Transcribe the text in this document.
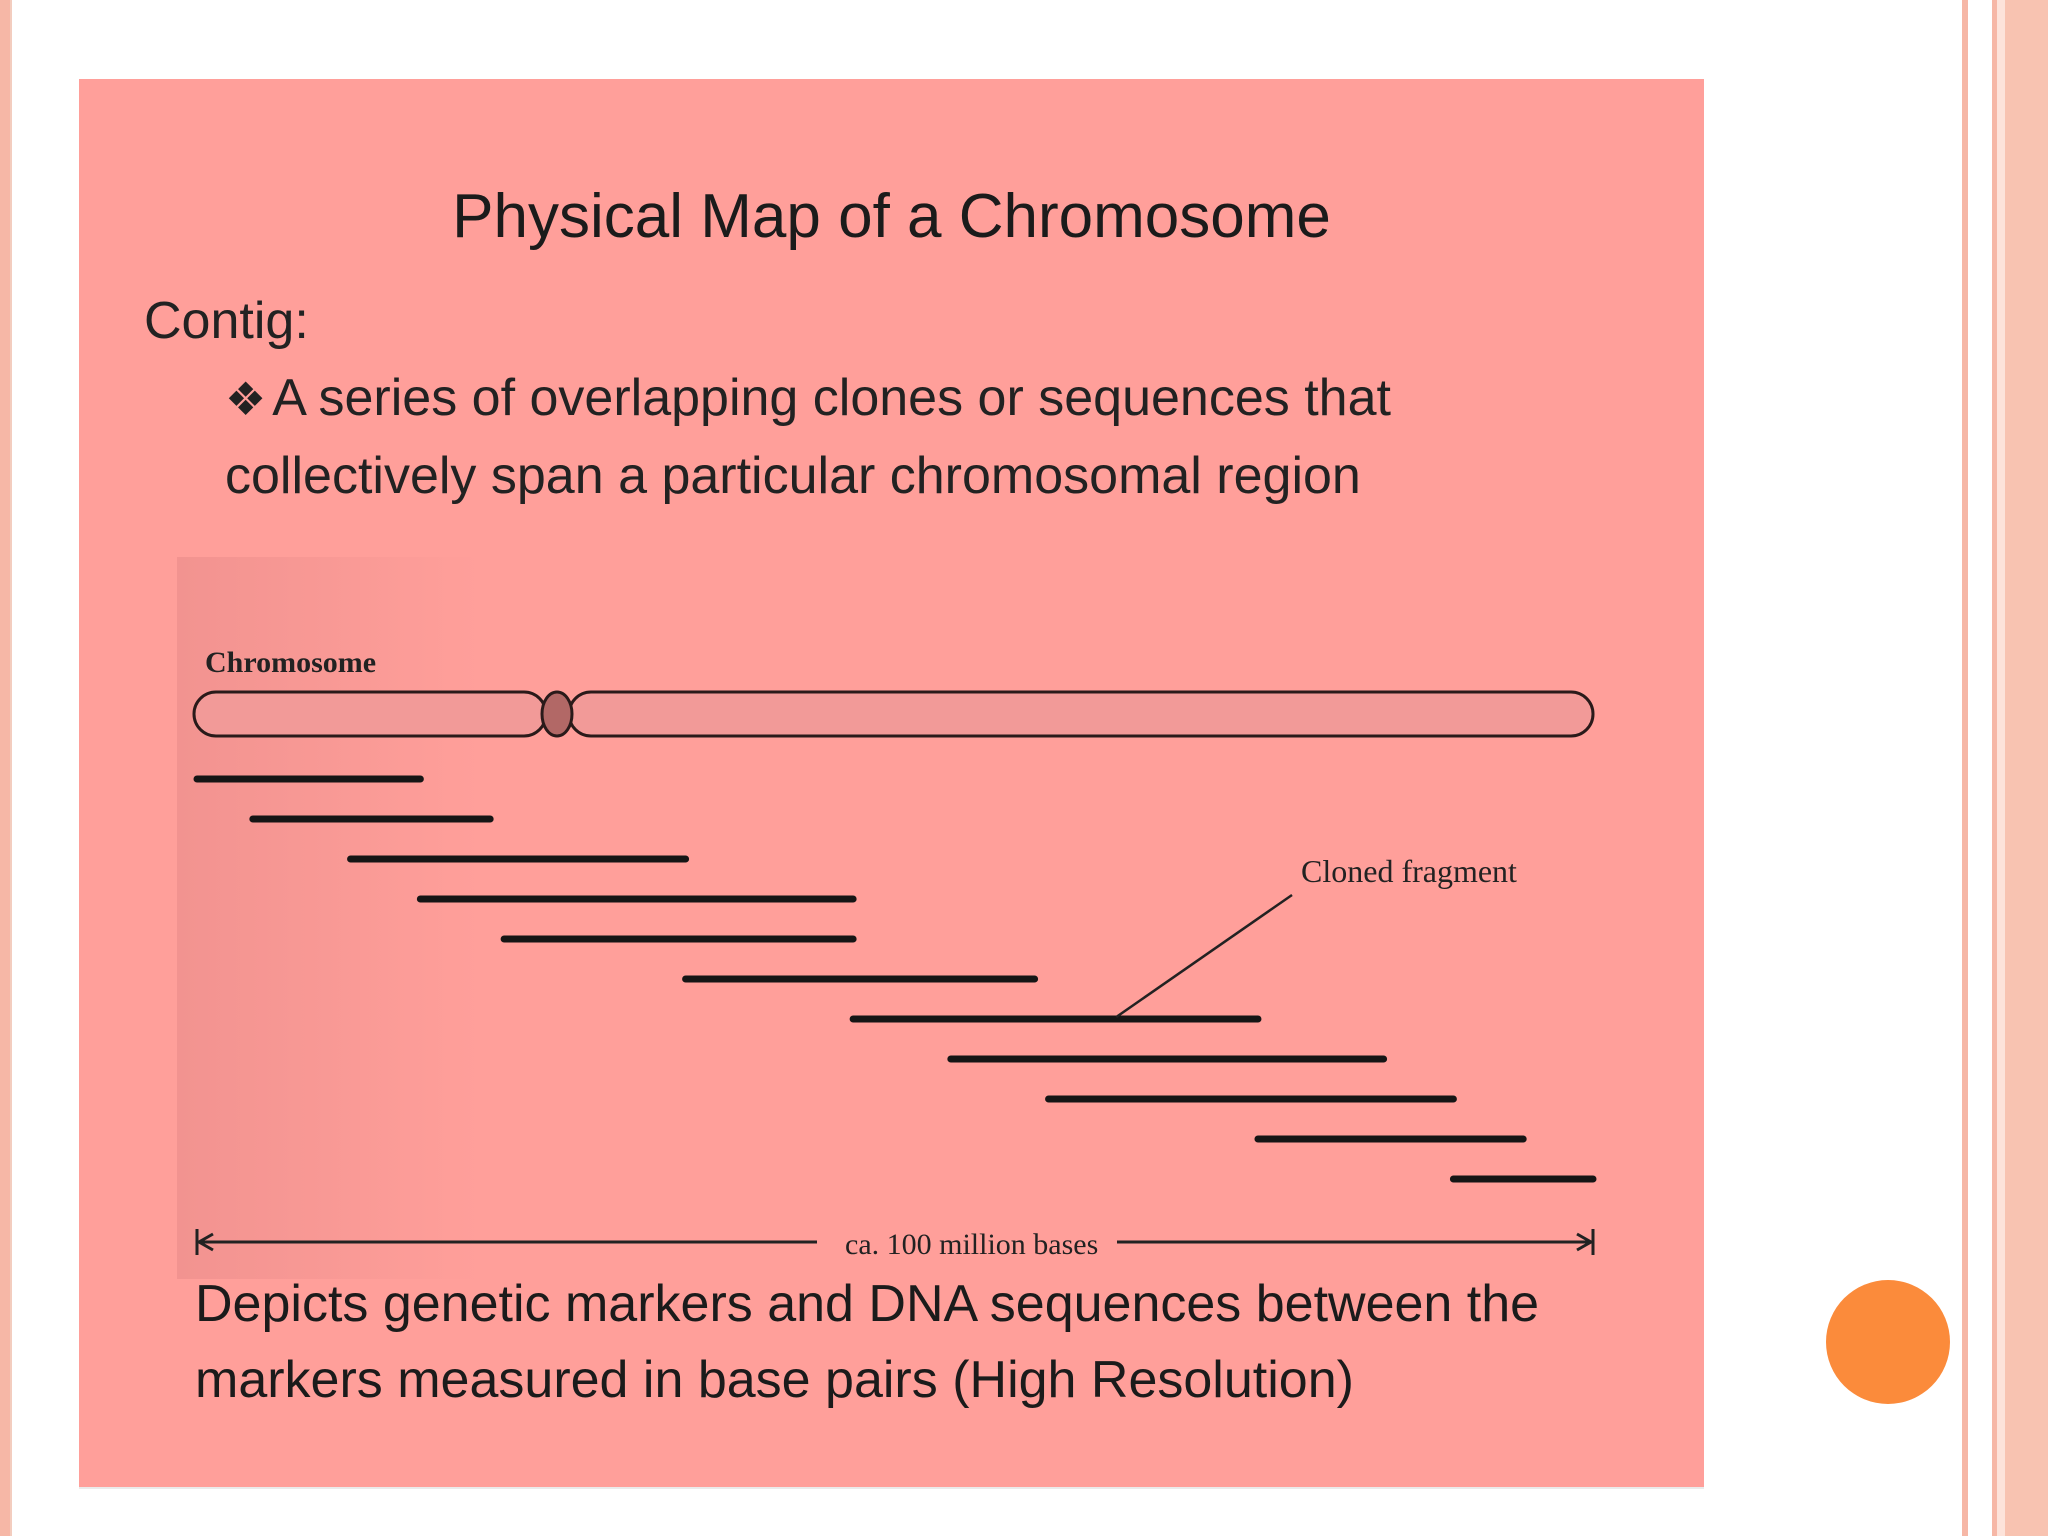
Physical Map of a Chromosome
Contig:
❖ A series of overlapping clones or sequences that
collectively span a particular chromosomal region
Chromosome
Cloned fragment
ca. 100 million bases
Depicts genetic markers and DNA sequences between the
markers measured in base pairs (High Resolution)
